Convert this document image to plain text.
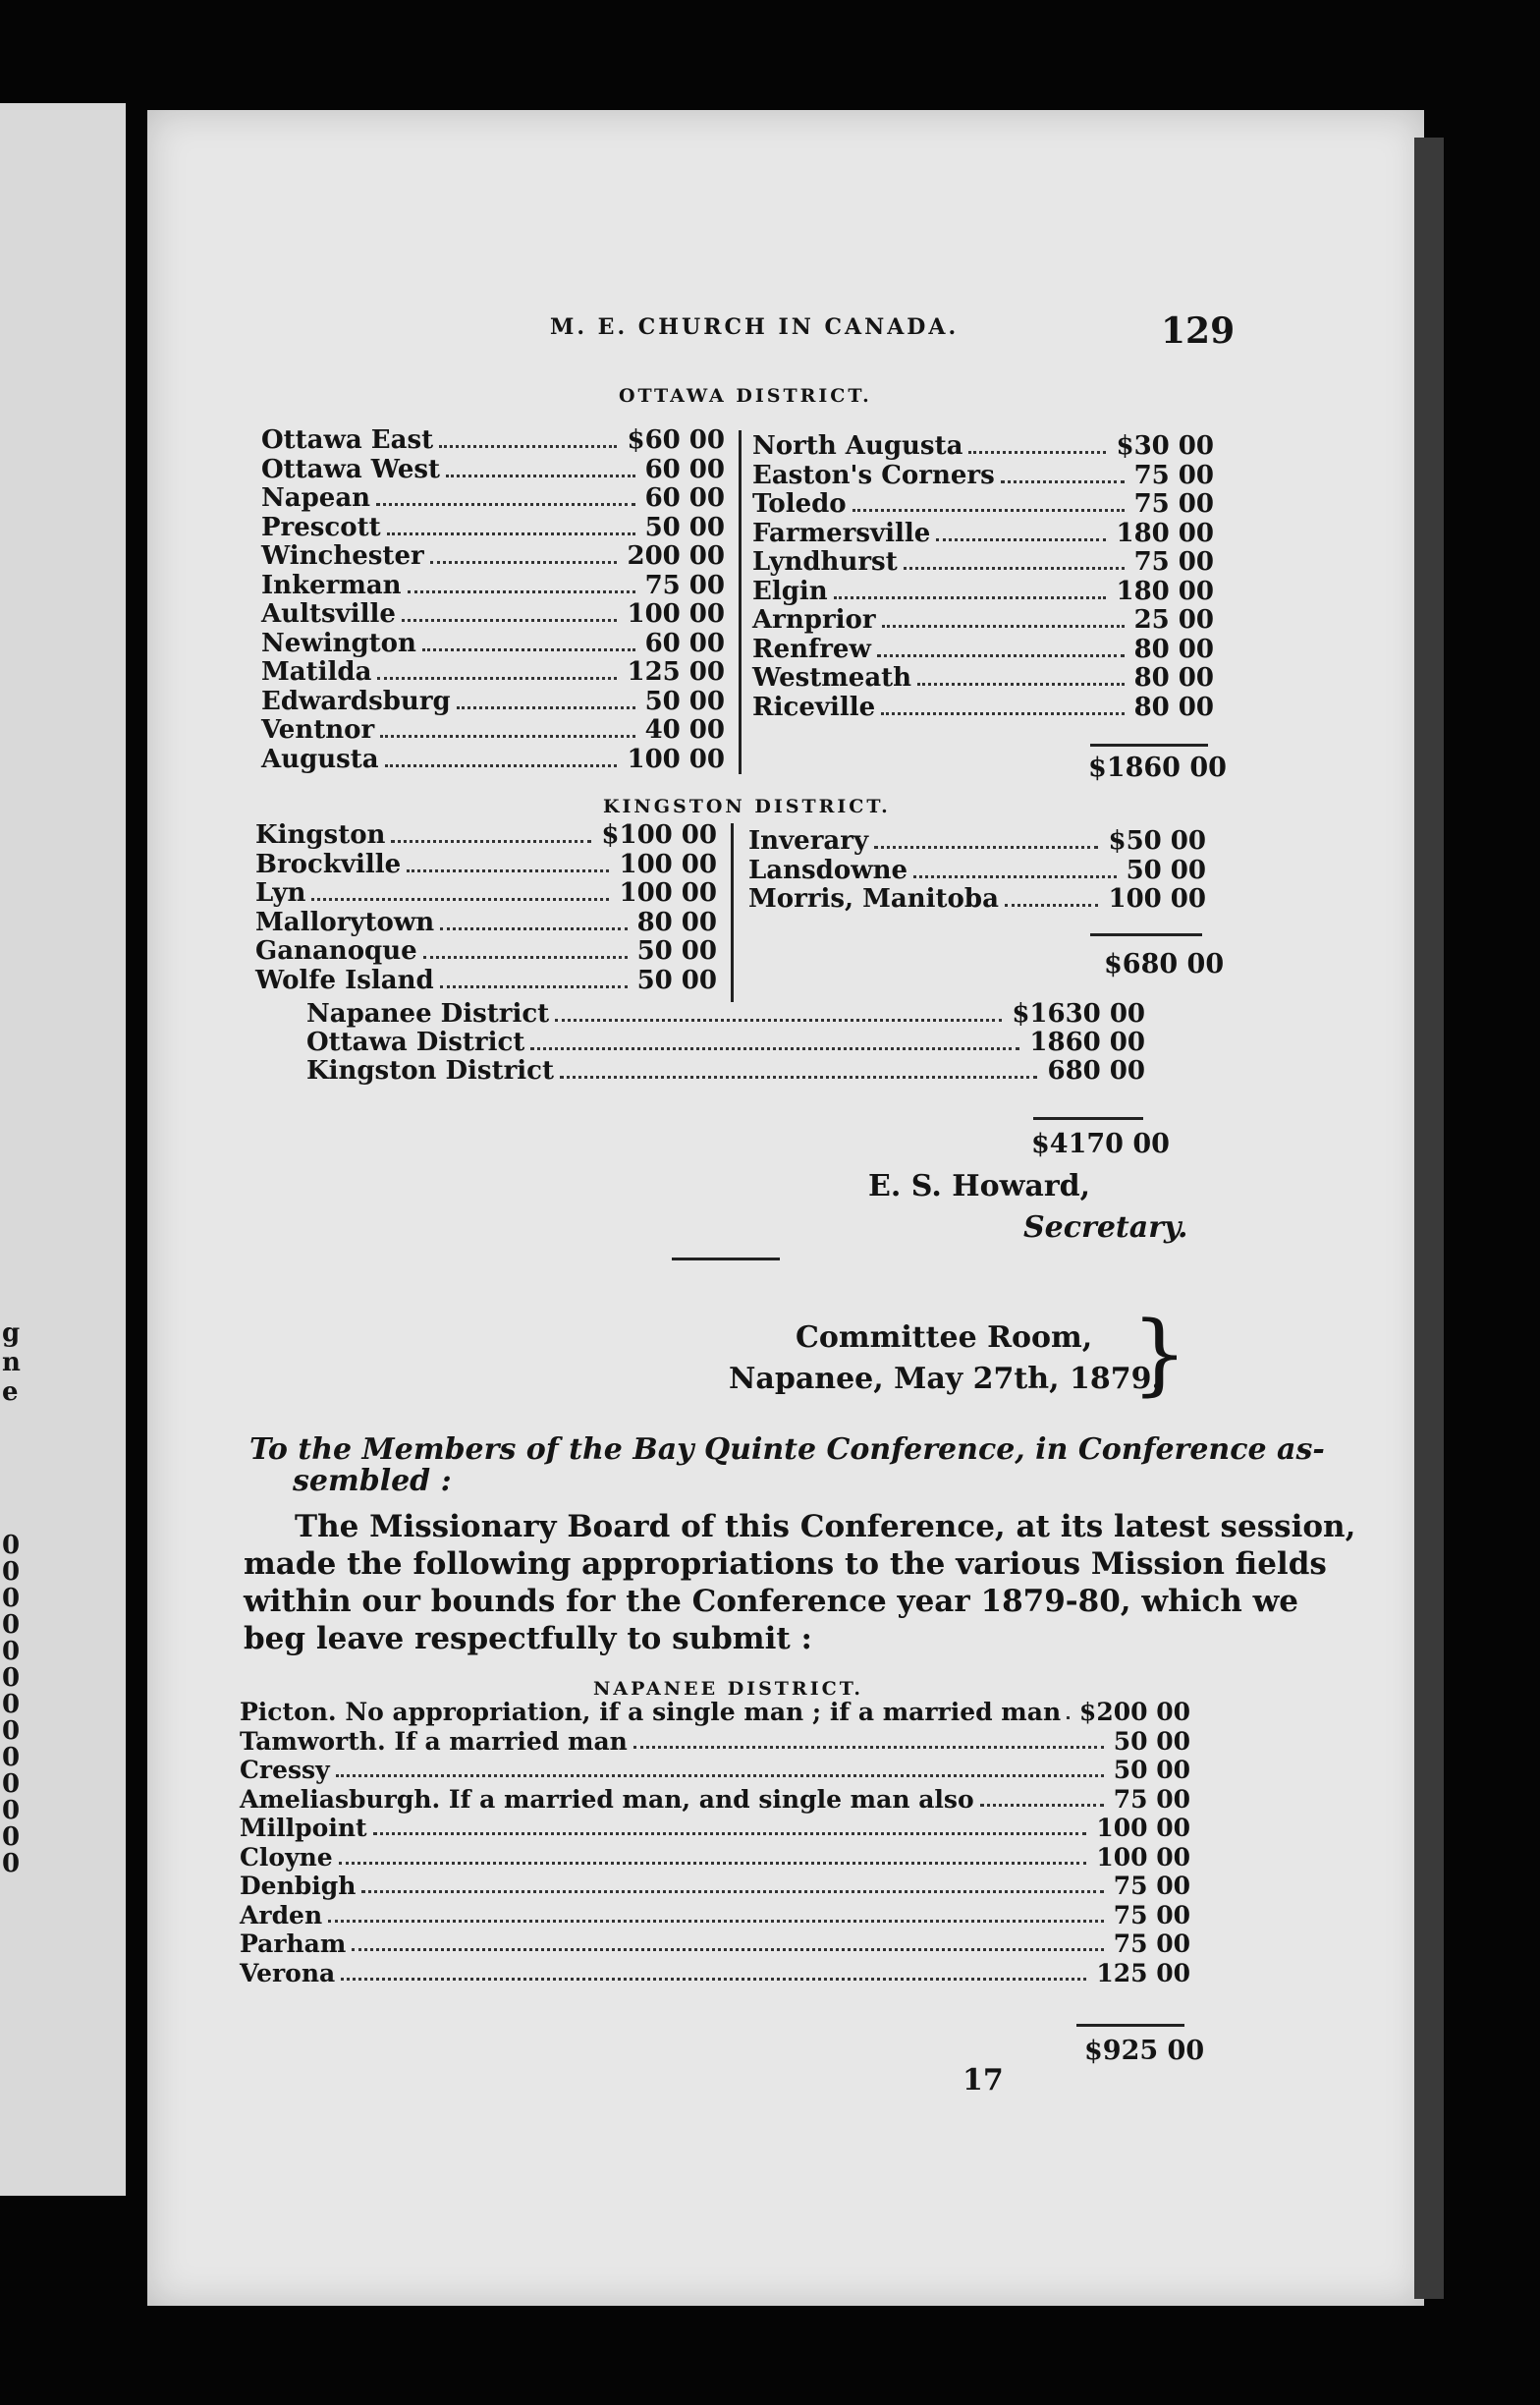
g
n
e
0
0
0
0
0
0
0
0
0
0
0
0
0
M. E. CHURCH IN CANADA.	129
OTTAWA DISTRICT.
Ottawa East	$60 00
Ottawa West	60 00
Napean	60 00
Prescott	50 00
Winchester	200 00
Inkerman	75 00
Aultsville	100 00
Newington	60 00
Matilda	125 00
Edwardsburg	50 00
Ventnor	40 00
Augusta	100 00
North Augusta	$30 00
Easton's Corners	75 00
Toledo	75 00
Farmersville	180 00
Lyndhurst	75 00
Elgin	180 00
Arnprior	25 00
Renfrew	80 00
Westmeath	80 00
Riceville	80 00
$1860 00
KINGSTON DISTRICT.
Kingston	$100 00
Brockville	100 00
Lyn	100 00
Mallorytown	80 00
Gananoque	50 00
Wolfe Island	50 00
Inverary	$50 00
Lansdowne	50 00
Morris, Manitoba	100 00
$680 00
Napanee District	$1630 00
Ottawa District	1860 00
Kingston District	680 00
$4170 00
E. S. Howard,
Secretary.
Committee Room,
Napanee, May 27th, 1879.
}
To the Members of the Bay Quinte Conference, in Conference as-
sembled :
The Missionary Board of this Conference, at its latest session,
made the following appropriations to the various Mission fields
within our bounds for the Conference year 1879-80, which we
beg leave respectfully to submit :
NAPANEE DISTRICT.
Picton. No appropriation, if a single man ; if a married man $200 00
Tamworth. If a married man	50 00
Cressy	50 00
Ameliasburgh. If a married man, and single man also	75 00
Millpoint	100 00
Cloyne	100 00
Denbigh	75 00
Arden	75 00
Parham	75 00
Verona	125 00
$925 00
17
